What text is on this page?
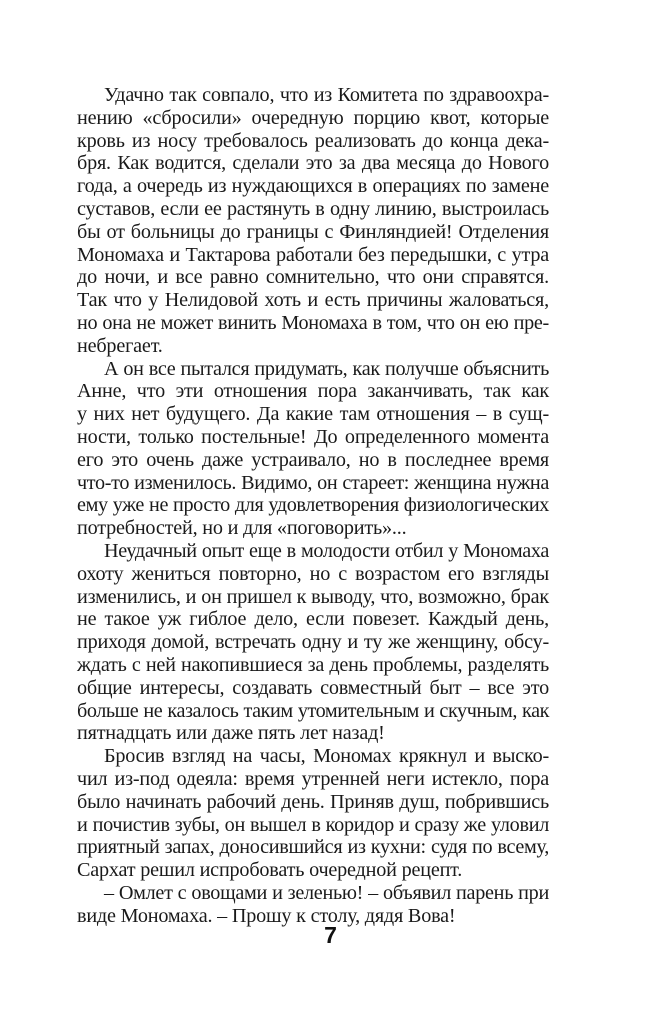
Удачно так совпало, что из Комитета по здравоохра-
нению «сбросили» очередную порцию квот, которые
кровь из носу требовалось реализовать до конца дека-
бря. Как водится, сделали это за два месяца до Нового
года, а очередь из нуждающихся в операциях по замене
суставов, если ее растянуть в одну линию, выстроилась
бы от больницы до границы с Финляндией! Отделения
Мономаха и Тактарова работали без передышки, с утра
до ночи, и все равно сомнительно, что они справятся.
Так что у Нелидовой хоть и есть причины жаловаться,
но она не может винить Мономаха в том, что он ею пре-
небрегает.
А он все пытался придумать, как получше объяснить
Анне, что эти отношения пора заканчивать, так как
у них нет будущего. Да какие там отношения – в сущ-
ности, только постельные! До определенного момента
его это очень даже устраивало, но в последнее время
что-то изменилось. Видимо, он стареет: женщина нужна
ему уже не просто для удовлетворения физиологических
потребностей, но и для «поговорить»...
Неудачный опыт еще в молодости отбил у Мономаха
охоту жениться повторно, но с возрастом его взгляды
изменились, и он пришел к выводу, что, возможно, брак
не такое уж гиблое дело, если повезет. Каждый день,
приходя домой, встречать одну и ту же женщину, обсу-
ждать с ней накопившиеся за день проблемы, разделять
общие интересы, создавать совместный быт – все это
больше не казалось таким утомительным и скучным, как
пятнадцать или даже пять лет назад!
Бросив взгляд на часы, Мономах крякнул и выско-
чил из-под одеяла: время утренней неги истекло, пора
было начинать рабочий день. Приняв душ, побрившись
и почистив зубы, он вышел в коридор и сразу же уловил
приятный запах, доносившийся из кухни: судя по всему,
Сархат решил испробовать очередной рецепт.
– Омлет с овощами и зеленью! – объявил парень при
виде Мономаха. – Прошу к столу, дядя Вова!
7
